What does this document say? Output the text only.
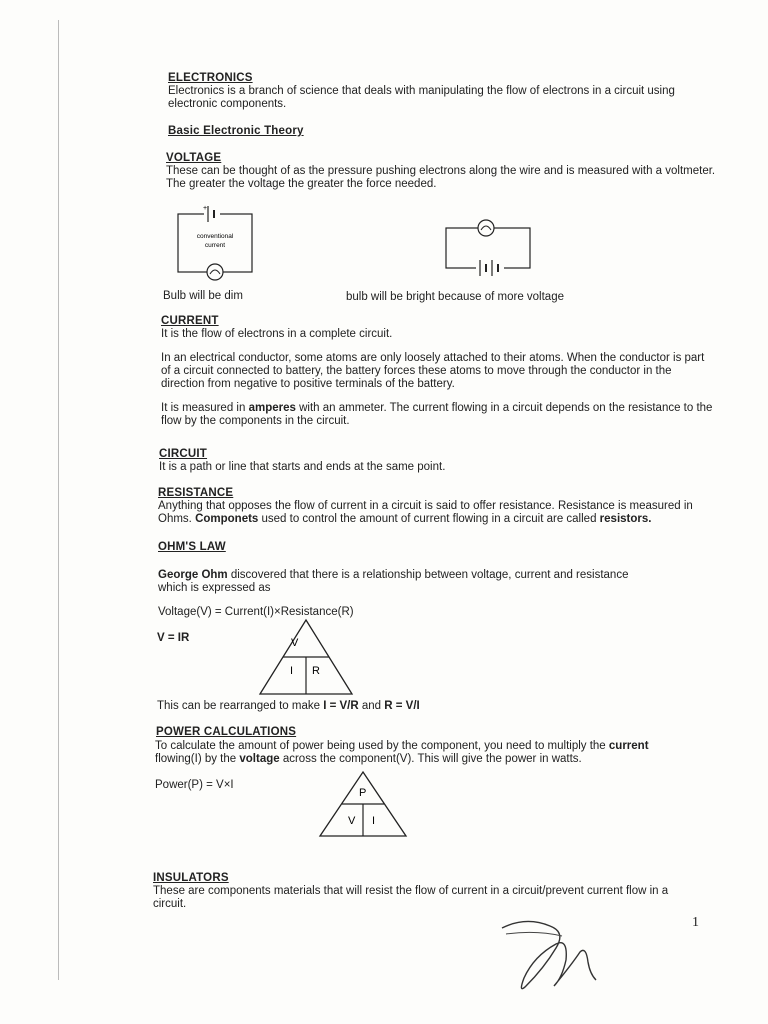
ELECTRONICS
Electronics is a branch of science that deals with manipulating the flow of electrons in a circuit using electronic components.
Basic Electronic Theory
VOLTAGE
These can be thought of as the pressure pushing electrons along the wire and is measured with a voltmeter.
The greater the voltage the greater the force needed.
+
conventional
current
Bulb will be dim	bulb will be bright because of more voltage
CURRENT
It is the flow of electrons in a complete circuit.
In an electrical conductor, some atoms are only loosely attached to their atoms. When the conductor is part of a circuit connected to battery, the battery forces these atoms to move through the conductor in the direction from negative to positive terminals of the battery.
It is measured in amperes with an ammeter. The current flowing in a circuit depends on the resistance to the flow by the components in the circuit.
CIRCUIT
It is a path or line that starts and ends at the same point.
RESISTANCE
Anything that opposes the flow of current in a circuit is said to offer resistance. Resistance is measured in Ohms. Componets used to control the amount of current flowing in a circuit are called resistors.
OHM'S LAW
George Ohm discovered that there is a relationship between voltage, current and resistance which is expressed as
Voltage(V) = Current(I)×Resistance(R)
V = IR	V
I R
This can be rearranged to make I = V/R and R = V/I
POWER CALCULATIONS
To calculate the amount of power being used by the component, you need to multiply the current flowing(I) by the voltage across the component(V). This will give the power in watts.
Power(P) = V×I
P
V I
INSULATORS
These are components materials that will resist the flow of current in a circuit/prevent current flow in a circuit.
1
